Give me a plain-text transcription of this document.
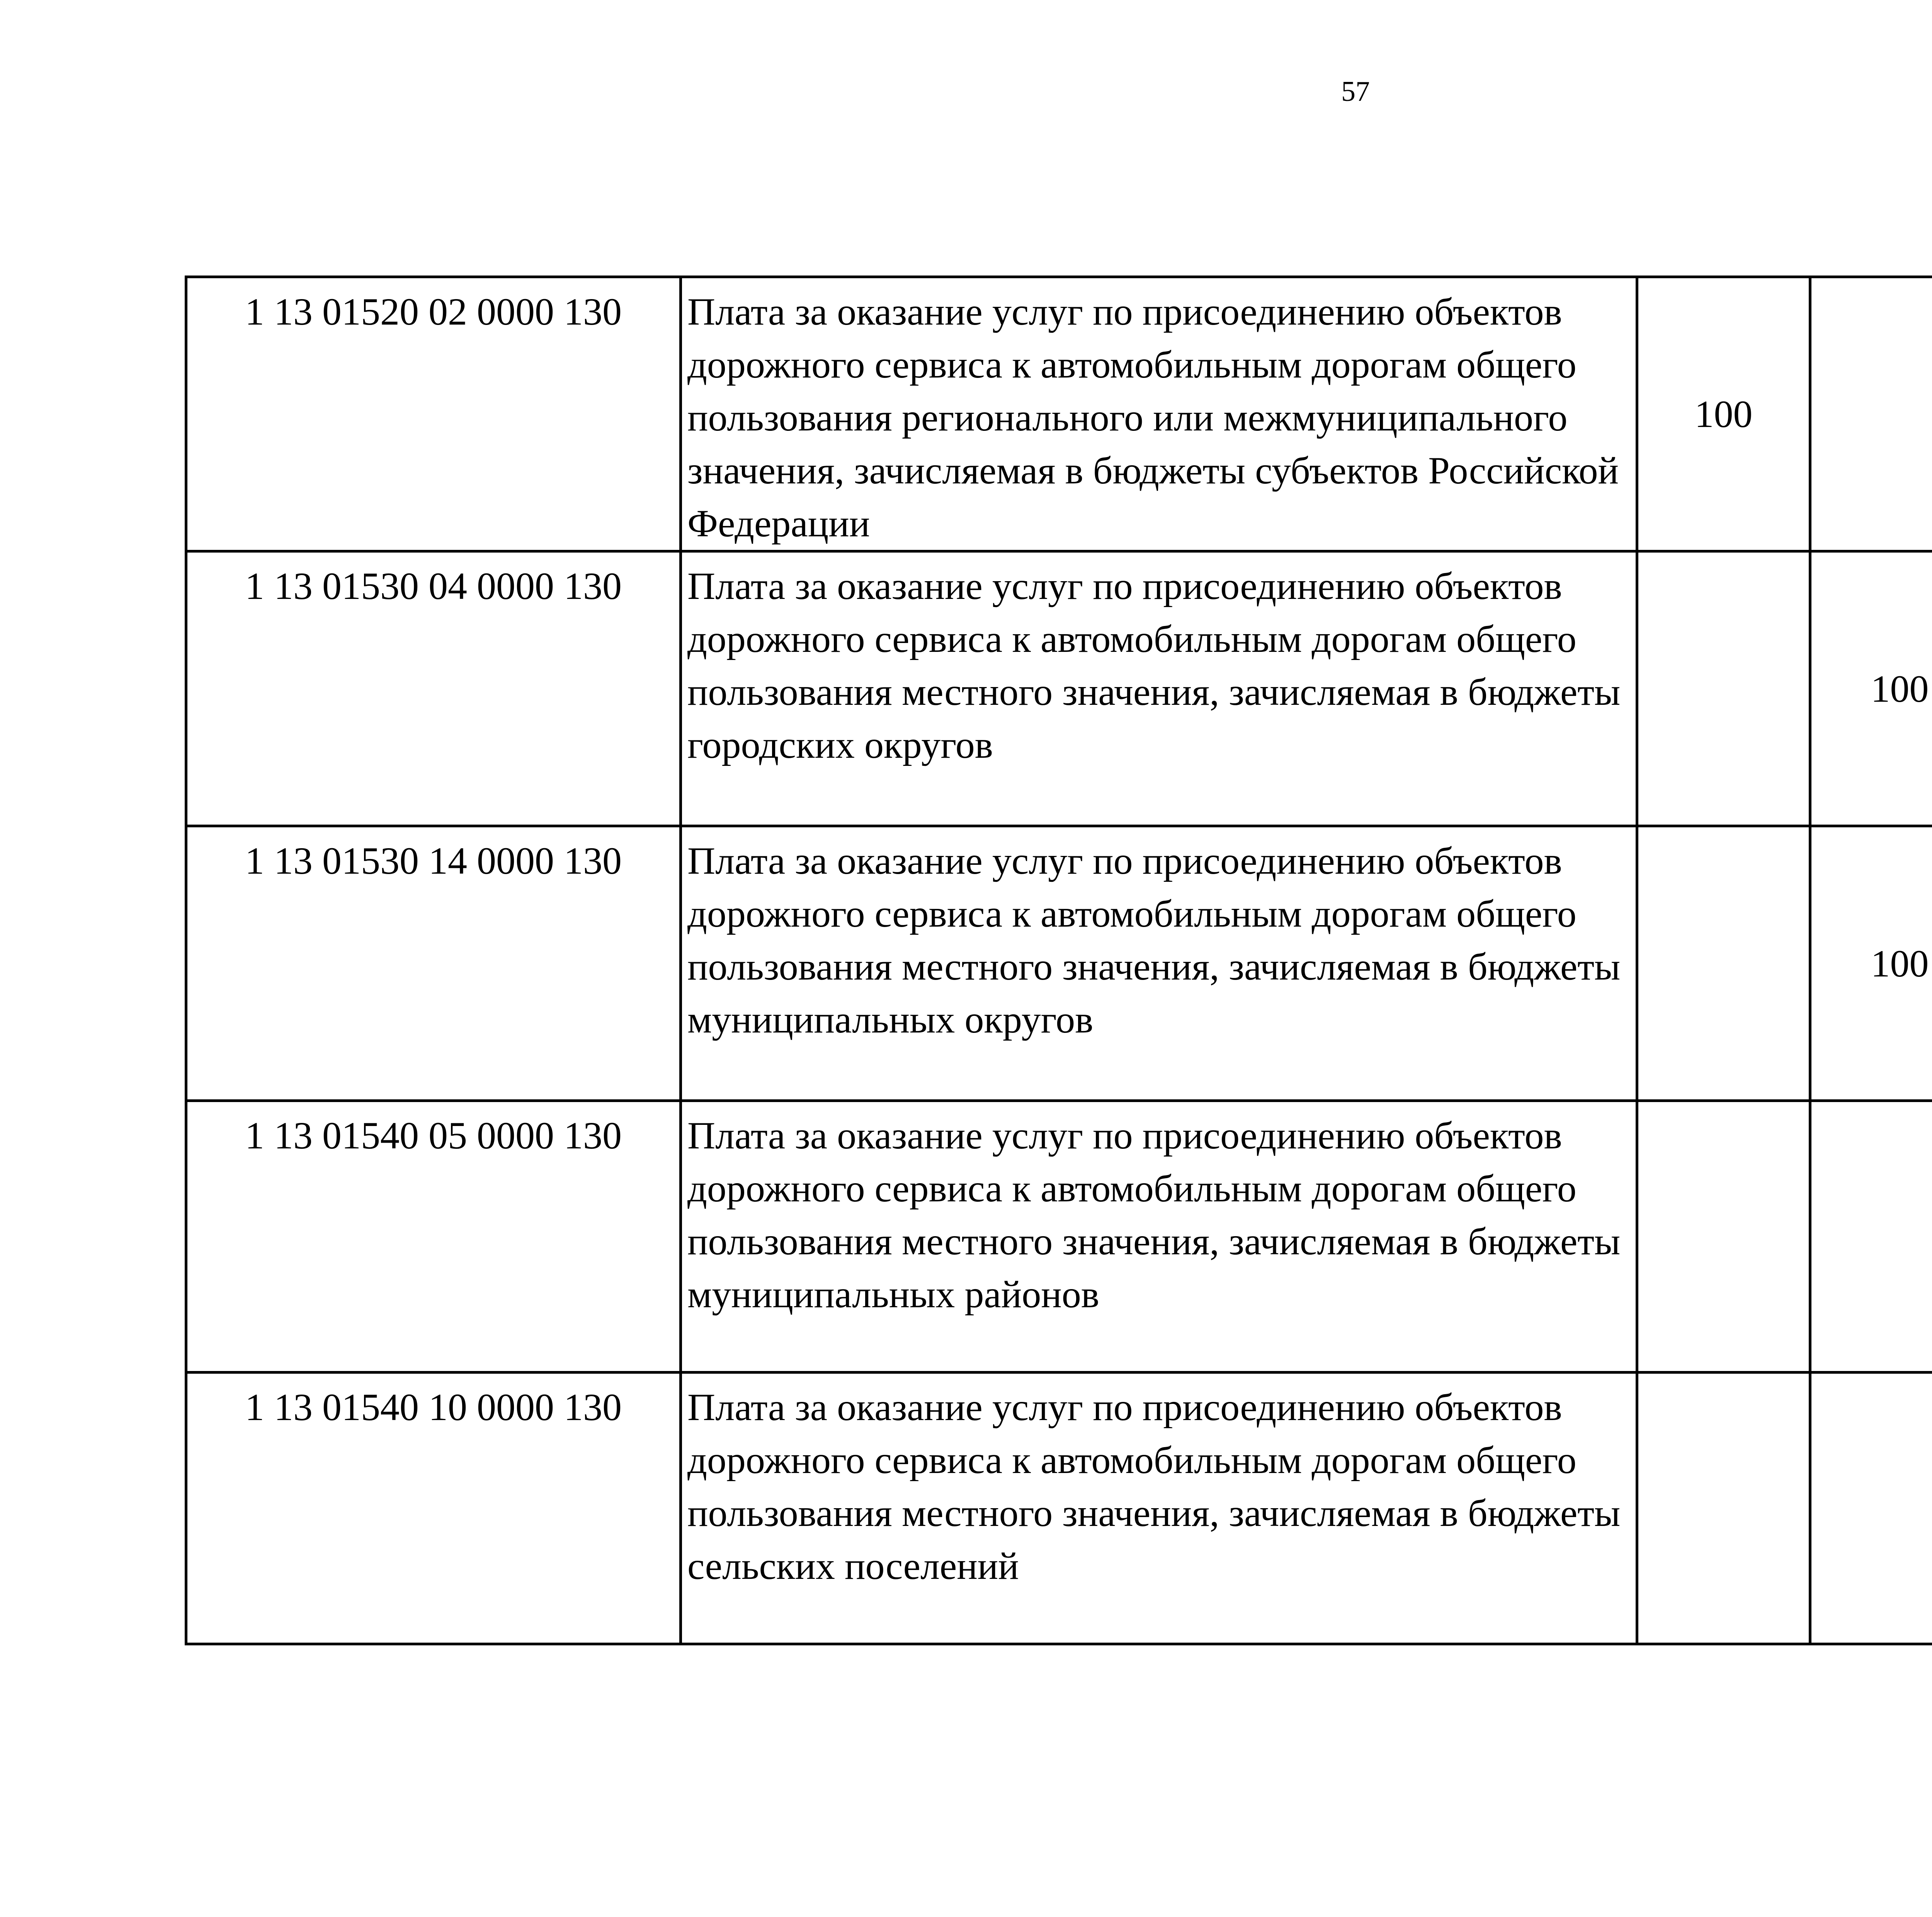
57
1 13 01520 02 0000 130	Плата за оказание услуг по присоединению объектов дорожного сервиса к автомобильным дорогам общего пользования регионального или межмуниципального значения, зачисляемая в бюджеты субъектов Российской Федерации	100				
1 13 01530 04 0000 130	Плата за оказание услуг по присоединению объектов дорожного сервиса к автомобильным дорогам общего пользования местного значения, зачисляемая в бюджеты городских округов		100			
1 13 01530 14 0000 130	Плата за оказание услуг по присоединению объектов дорожного сервиса к автомобильным дорогам общего пользования местного значения, зачисляемая в бюджеты муниципальных округов		100			
1 13 01540 05 0000 130	Плата за оказание услуг по присоединению объектов дорожного сервиса к автомобильным дорогам общего пользования местного значения, зачисляемая в бюджеты муниципальных районов					
1 13 01540 10 0000 130	Плата за оказание услуг по присоединению объектов дорожного сервиса к автомобильным дорогам общего пользования местного значения, зачисляемая в бюджеты сельских поселений					
